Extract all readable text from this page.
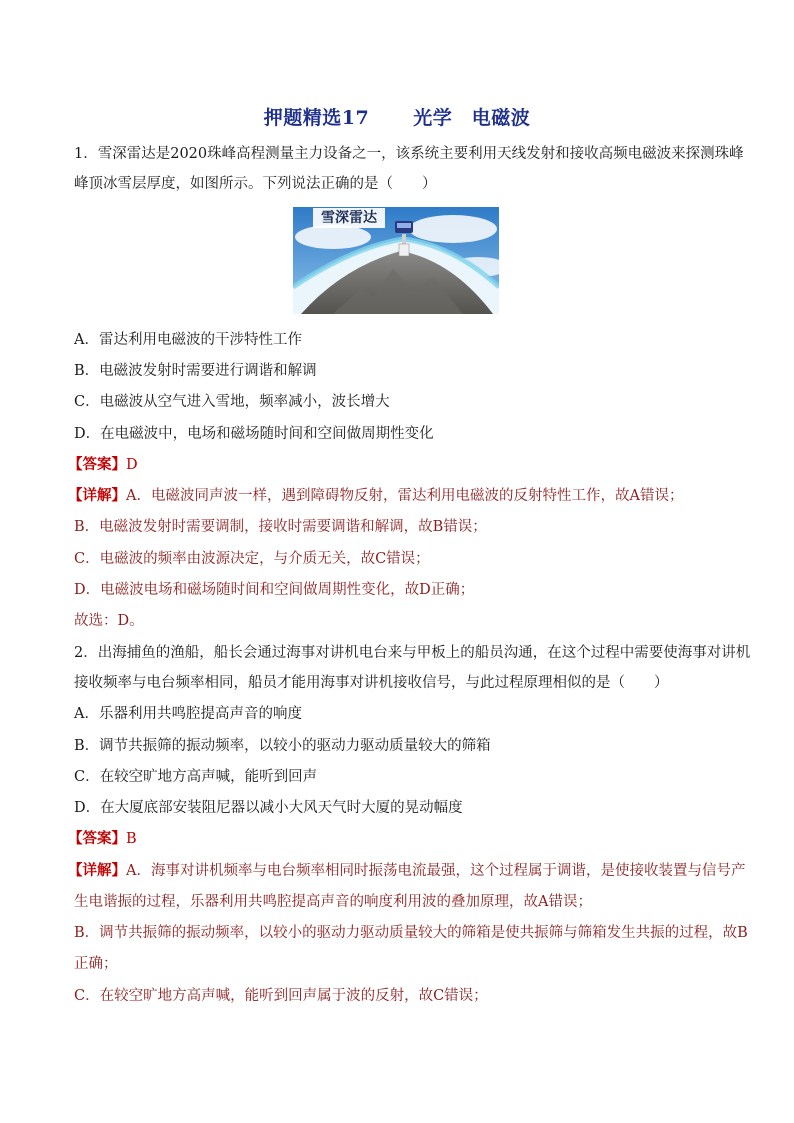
押题精选17 光学　电磁波
1．雪深雷达是2020珠峰高程测量主力设备之一，该系统主要利用天线发射和接收高频电磁波来探测珠峰
峰顶冰雪层厚度，如图所示。下列说法正确的是（　　）
雪深雷达
A．雷达利用电磁波的干涉特性工作
B．电磁波发射时需要进行调谐和解调
C．电磁波从空气进入雪地，频率减小，波长增大
D．在电磁波中，电场和磁场随时间和空间做周期性变化
【答案】D
【详解】A．电磁波同声波一样，遇到障碍物反射，雷达利用电磁波的反射特性工作，故A错误；
B．电磁波发射时需要调制，接收时需要调谐和解调，故B错误；
C．电磁波的频率由波源决定，与介质无关，故C错误；
D．电磁波电场和磁场随时间和空间做周期性变化，故D正确；
故选：D。
2．出海捕鱼的渔船，船长会通过海事对讲机电台来与甲板上的船员沟通，在这个过程中需要使海事对讲机
接收频率与电台频率相同，船员才能用海事对讲机接收信号，与此过程原理相似的是（　　）
A．乐器利用共鸣腔提高声音的响度
B．调节共振筛的振动频率，以较小的驱动力驱动质量较大的筛箱
C．在较空旷地方高声喊，能听到回声
D．在大厦底部安装阻尼器以减小大风天气时大厦的晃动幅度
【答案】B
【详解】A．海事对讲机频率与电台频率相同时振荡电流最强，这个过程属于调谐，是使接收装置与信号产
生电谐振的过程，乐器利用共鸣腔提高声音的响度利用波的叠加原理，故A错误；
B．调节共振筛的振动频率，以较小的驱动力驱动质量较大的筛箱是使共振筛与筛箱发生共振的过程，故B
正确；
C．在较空旷地方高声喊，能听到回声属于波的反射，故C错误；
